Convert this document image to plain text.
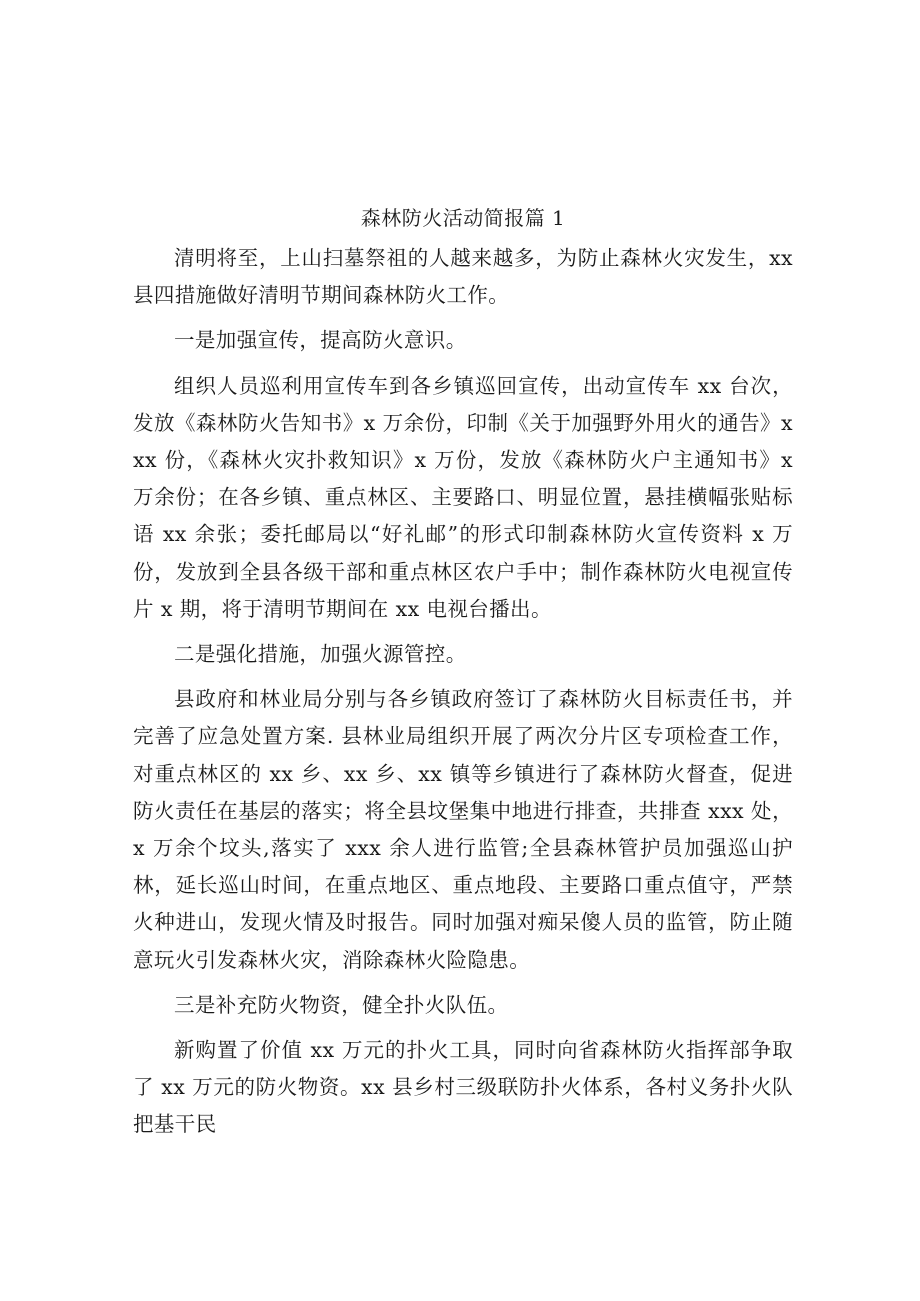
森林防火活动简报篇 1

清明将至，上山扫墓祭祖的人越来越多，为防止森林火灾发生，xx 县四措施做好清明节期间森林防火工作。

一是加强宣传，提高防火意识。

组织人员巡利用宣传车到各乡镇巡回宣传，出动宣传车 xx 台次，发放《森林防火告知书》x 万余份，印制《关于加强野外用火的通告》xxx 份，《森林火灾扑救知识》x 万份，发放《森林防火户主通知书》x 万余份；在各乡镇、重点林区、主要路口、明显位置，悬挂横幅张贴标语 xx 余张；委托邮局以“好礼邮”的形式印制森林防火宣传资料 x 万份，发放到全县各级干部和重点林区农户手中；制作森林防火电视宣传片 x 期，将于清明节期间在 xx 电视台播出。

二是强化措施，加强火源管控。

县政府和林业局分别与各乡镇政府签订了森林防火目标责任书，并完善了应急处置方案. 县林业局组织开展了两次分片区专项检查工作，对重点林区的 xx 乡、xx 乡、xx 镇等乡镇进行了森林防火督查，促进防火责任在基层的落实；将全县坟堡集中地进行排查，共排查 xxx 处，x 万余个坟头,落实了 xxx 余人进行监管;全县森林管护员加强巡山护林，延长巡山时间，在重点地区、重点地段、主要路口重点值守，严禁火种进山，发现火情及时报告。同时加强对痴呆傻人员的监管，防止随意玩火引发森林火灾，消除森林火险隐患。

三是补充防火物资，健全扑火队伍。

新购置了价值 xx 万元的扑火工具，同时向省森林防火指挥部争取了 xx 万元的防火物资。xx 县乡村三级联防扑火体系，各村义务扑火队把基干民
